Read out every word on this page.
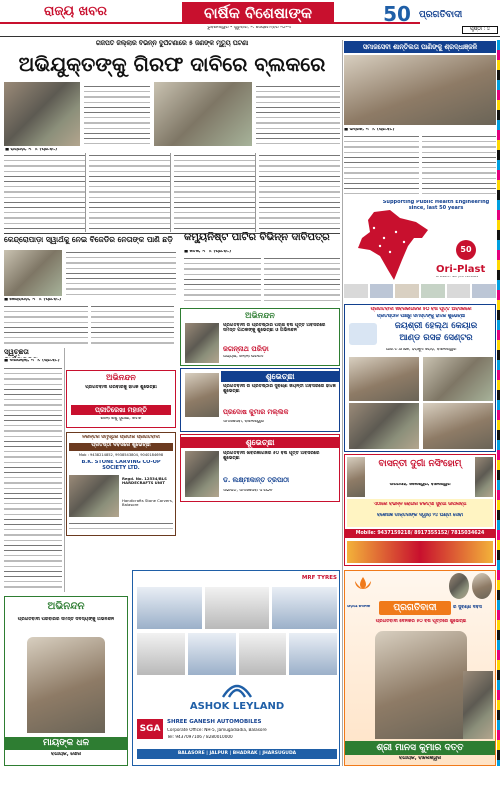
ରାଜ୍ୟ ଖବର	ବାର୍ଷିକ ବିଶେଷାଙ୍କ	50 ପ୍ରଗତିବାଦୀ
ଭୁବନେଶ୍ୱର • ଗୁରୁବାର, ୨୯ ସେପ୍ଟେମ୍ବର ୨୦୨୩	ପୃଷ୍ଠା : ୪
ଗଜପତି ଜିଲ୍ଲାର ବିଭିନ୍ନ ଦୁର୍ଘଟଣାରେ ୫ ଜଣଙ୍କ ମୃତ୍ୟୁ ଘଟଣା
ଅଭିଯୁକ୍ତଙ୍କୁ ଗିରଫ ଦାବିରେ ବ୍ଲକରେ
■ ରାୟଗଡ଼ା, ୨୮ ।୯ (ପ୍ର.ବା.)
ସମାଜସେବୀ ଶାନ୍ତିଲତା ପାଣିଙ୍କୁ ଶ୍ରଦ୍ଧାଞ୍ଜଳି
■ ଭଦ୍ରକ, ୨୮ ।୯ (ପ୍ର.ବା.)
Supporting Public Health Engineering since, last 50 years
50
Ori-Plast
LIFELINES... NOT JUST PIPELINES
କେନ୍ଦ୍ରୋପାଡ଼ା ସ୍ୱାର୍ଥକୁ ନେଇ ବିଜେଡିର ନେତାଙ୍କ ପାଣି ଛଡ଼ି	କମ୍ୟୁନିଷ୍ଟ ପାର୍ଟିର ବିଭିନ୍ନ ଦାବିପତ୍ର
■ କେନ୍ଦ୍ରାପଡ଼ା, ୨୮ ।୯ (ପ୍ର.ବା.)
■ କଟକ, ୨୮ ।୯ (ପ୍ର.ବା.)
ସ୍ୱଚ୍ଛତା
■ ଦାଶପଲ୍ଲା, ୨୮ ।୯ (ପ୍ର.ବା.)
ଅଭିନନ୍ଦନ
ପ୍ରଗତିବାଦୀ ର ପ୍ରତିଷ୍ଠାର ପଚାଶ ବର୍ଷ ପୂର୍ତ୍ତି ଅବସରରେ ସମସ୍ତ ପାଠକଙ୍କୁ ଶୁଭେଚ୍ଛା ଓ ଅଭିନନ୍ଦନ
ଜଗନ୍ନାଥ ପରିଡ଼ା
ଅଧ୍ୟକ୍ଷ, ଜିଲ୍ଲା ପରିଷଦ
ପ୍ରଗତିବାଦୀ ଖବରକାଗଜର ୫୦ ବର୍ଷ ପୂର୍ତ୍ତି ଅବସରରେ
ପ୍ରତିଷ୍ଠାନ ପକ୍ଷରୁ ସମସ୍ତଙ୍କୁ ହାର୍ଦ୍ଦିକ ଶୁଭେଚ୍ଛା
ଜୟଶ୍ରୀ ହେଲ୍ଥ କେୟାର
ଆଣ୍ଡ ରିସର୍ଚ୍ଚ ସେଣ୍ଟର
ଆର.ଟି.ଓ ଛକ, ହିରାକୁଦ ରୋଡ଼, ବାଲେଶ୍ୱର
ଅଭିନନ୍ଦନ
ପ୍ରଗତିବାଦୀ ପରିବାରକୁ ହାର୍ଦ୍ଦିକ ଶୁଭେଚ୍ଛା
ପ୍ରୀତିରେଖା ମହାନ୍ତି
ଜେଲା ଶିଶୁ ସୁରକ୍ଷା, କଟକ
ଶୁଭେଚ୍ଛା
ପ୍ରଗତିବାଦୀ ର ପ୍ରତିଷ୍ଠାର ସୁବର୍ଣ୍ଣ ଜୟନ୍ତୀ ଅବସରରେ ହାର୍ଦ୍ଦିକ ଶୁଭେଚ୍ଛା
ପ୍ରଦୋଷ କୁମାର ମଲ୍ଲିକ
ସମାଜସେବୀ, ବାଲେଶ୍ୱର
ନିରନ୍ତର ସମୃଦ୍ଧିର ପ୍ରତୀକ ପ୍ରଗତିବାଦୀ
ପ୍ରତିଷ୍ଠା ଦିବସରେ ଶୁଭେଚ୍ଛା
Mob : 9438214852, 9938543804, 9040184698
B.K. STONE CARVING CO-OP SOCIETY LTD.
Regd. No. 12534/BLS HARDECRAFTS UNIT
Handicrafts Stone Carvers, Balasore
ଶୁଭେଚ୍ଛା
ପ୍ରଗତିବାଦୀ ଖବରକାଗଜର ୫୦ ବର୍ଷ ପୂର୍ତ୍ତି ଅବସରରେ ଶୁଭେଚ୍ଛା
ଡ. ଲକ୍ଷ୍ମୀକାନ୍ତ ତ୍ରିପାଠୀ
ସଭାପତି, ସମାଜସେବୀ ସଂଗଠନ
ବାସନ୍ତୀ ଦୁର୍ଗା ନର୍ସିଂହୋମ୍
ଉପରସାହି, ଜଲେଶ୍ୱର, ବାଲେଶ୍ୱର
ଏଠାରେ ବିଭିନ୍ନ ରୋଗର ଚିକିତ୍ସା ସୁବିଧା ଉପଲବ୍ଧ
ବିଶେଷଜ୍ଞ ଡାକ୍ତରଙ୍କ ଦ୍ୱାରା ୨୪ ଘଣ୍ଟା ସେବା
Mobile: 9437159218/ 8917355152/ 7815034624
ଅଭିନନ୍ଦନ
ପ୍ରଗତିବାଦୀ ପରିବାରର ସମସ୍ତ ସଦସ୍ୟଙ୍କୁ ଅଭିନନ୍ଦନ
ମାୟଙ୍କ ଧଳ
ବିଧାୟକ, ସୋର
MRF TYRES
ASHOK LEYLAND
SGA
SHREE GANESH AUTOMOBILES
Corporate Office: NH-5, Jamugadiadia, Balasore
Tel: 9437097106 / 8280010000
BALASORE | JALPUR | BHADRAK | JHARSUGUDA
ଓଡ଼ିଆ ଦୈନିକ	ପ୍ରଗତିବାଦୀ	ର ସୁବର୍ଣ୍ଣ ଦିବସ
ପ୍ରଗତିବାଦୀ ଦୈନିକର ୫୦ ବର୍ଷ ପୂର୍ତ୍ତିରେ ଶୁଭେଚ୍ଛା
ଶ୍ରୀ ମାନସ କୁମାର ଦତ୍ତ
ବିଧାୟକ, ବାଲେଶ୍ୱର
